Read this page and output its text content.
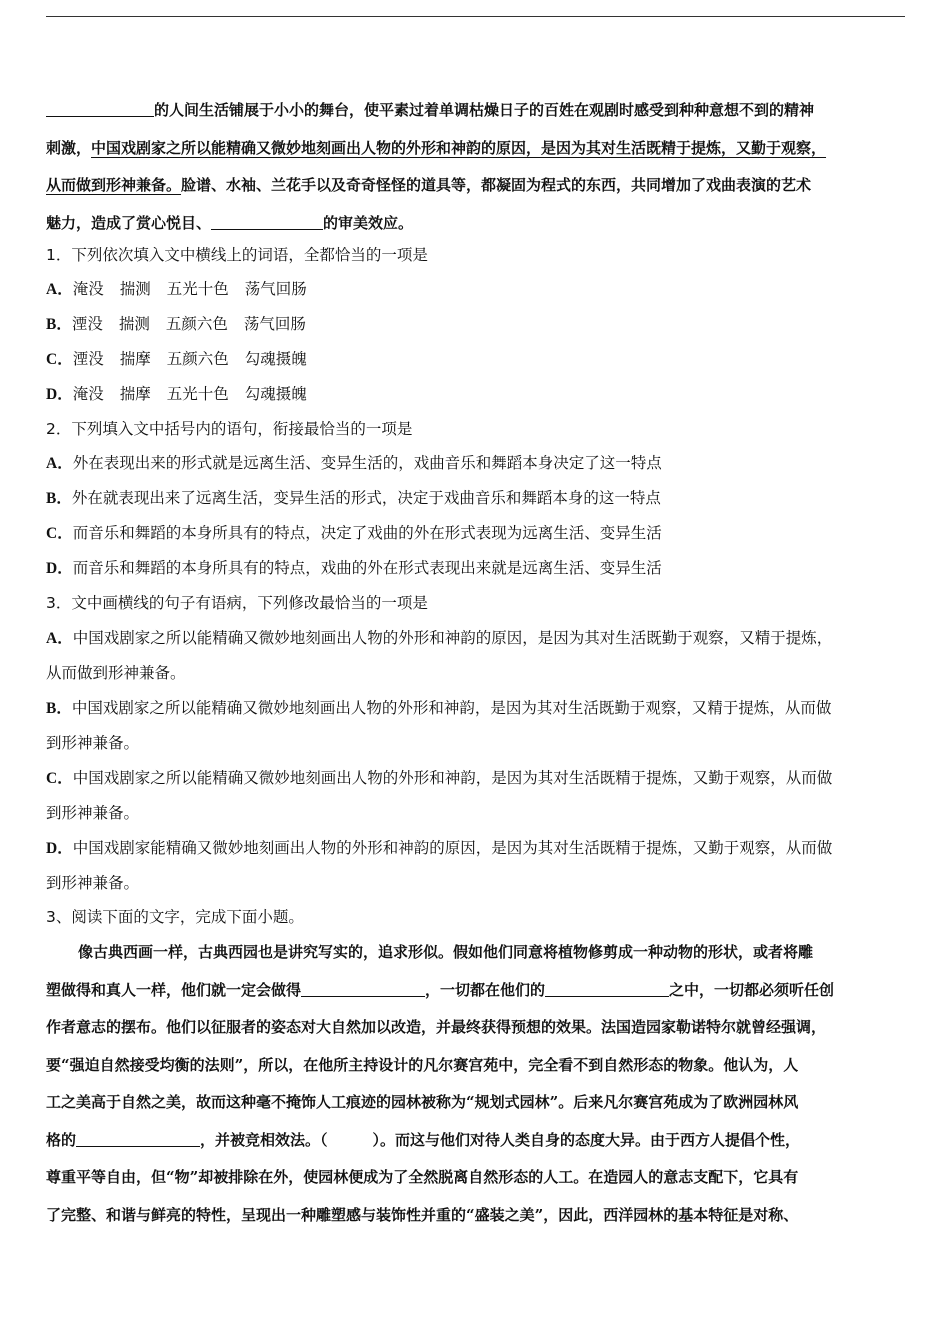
的人间生活铺展于小小的舞台，使平素过着单调枯燥日子的百姓在观剧时感受到种种意想不到的精神
刺激，中国戏剧家之所以能精确又微妙地刻画出人物的外形和神韵的原因，是因为其对生活既精于提炼，又勤于观察，
从而做到形神兼备。脸谱、水袖、兰花手以及奇奇怪怪的道具等，都凝固为程式的东西，共同增加了戏曲表演的艺术
魅力，造成了赏心悦目、	的审美效应。
1．下列依次填入文中横线上的词语，全都恰当的一项是
A．淹没 揣测 五光十色 荡气回肠
B．湮没 揣测 五颜六色 荡气回肠
C．湮没 揣摩 五颜六色 勾魂摄魄
D．淹没 揣摩 五光十色 勾魂摄魄
2．下列填入文中括号内的语句，衔接最恰当的一项是
A．外在表现出来的形式就是远离生活、变异生活的，戏曲音乐和舞蹈本身决定了这一特点
B．外在就表现出来了远离生活，变异生活的形式，决定于戏曲音乐和舞蹈本身的这一特点
C．而音乐和舞蹈的本身所具有的特点，决定了戏曲的外在形式表现为远离生活、变异生活
D．而音乐和舞蹈的本身所具有的特点，戏曲的外在形式表现出来就是远离生活、变异生活
3．文中画横线的句子有语病，下列修改最恰当的一项是
A．中国戏剧家之所以能精确又微妙地刻画出人物的外形和神韵的原因，是因为其对生活既勤于观察，又精于提炼，
从而做到形神兼备。
B．中国戏剧家之所以能精确又微妙地刻画出人物的外形和神韵，是因为其对生活既勤于观察，又精于提炼，从而做
到形神兼备。
C．中国戏剧家之所以能精确又微妙地刻画出人物的外形和神韵，是因为其对生活既精于提炼，又勤于观察，从而做
到形神兼备。
D．中国戏剧家能精确又微妙地刻画出人物的外形和神韵的原因，是因为其对生活既精于提炼，又勤于观察，从而做
到形神兼备。
3、阅读下面的文字，完成下面小题。
像古典西画一样，古典西园也是讲究写实的，追求形似。假如他们同意将植物修剪成一种动物的形状，或者将雕
塑做得和真人一样，他们就一定会做得	，一切都在他们的	之中，一切都必须听任创
作者意志的摆布。他们以征服者的姿态对大自然加以改造，并最终获得预想的效果。法国造园家勒诺特尔就曾经强调，
要“强迫自然接受均衡的法则”，所以，在他所主持设计的凡尔赛宫苑中，完全看不到自然形态的物象。他认为，人
工之美高于自然之美，故而这种毫不掩饰人工痕迹的园林被称为“规划式园林”。后来凡尔赛宫苑成为了欧洲园林风
格的	，并被竞相效法。（　　　）。而这与他们对待人类自身的态度大异。由于西方人提倡个性，
尊重平等自由，但“物”却被排除在外，使园林便成为了全然脱离自然形态的人工。在造园人的意志支配下，它具有
了完整、和谐与鲜亮的特性，呈现出一种雕塑感与装饰性并重的“盛装之美”，因此，西洋园林的基本特征是对称、
